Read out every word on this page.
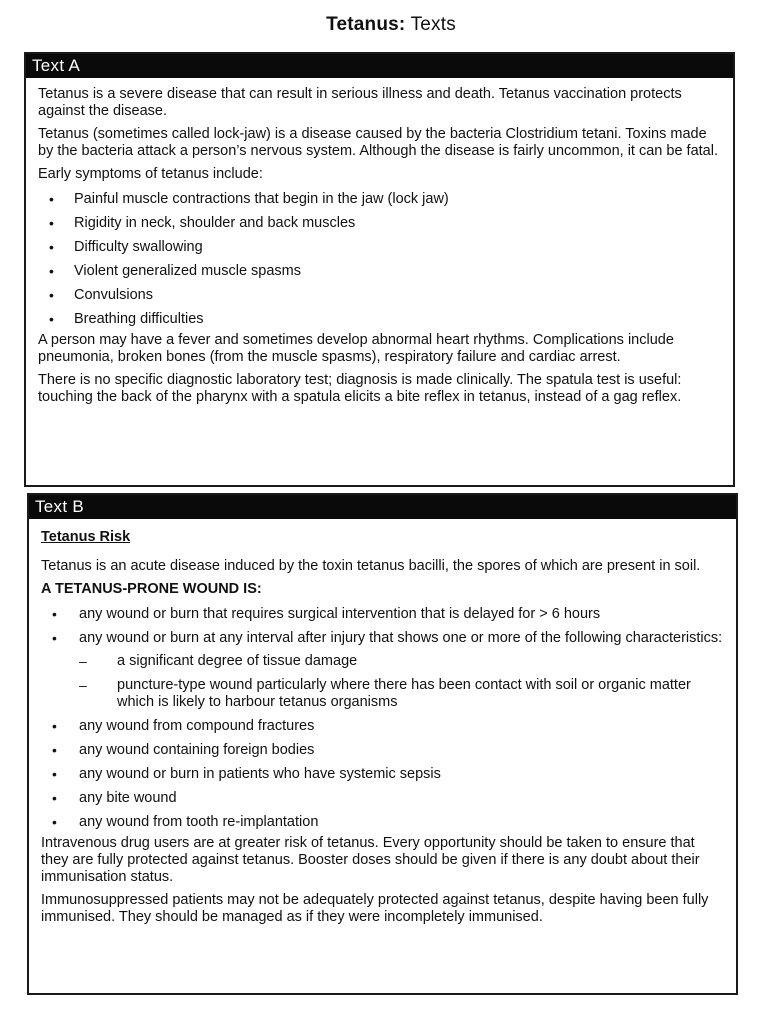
Tetanus: Texts
Text A

Tetanus is a severe disease that can result in serious illness and death. Tetanus vaccination protects against the disease.

Tetanus (sometimes called lock-jaw) is a disease caused by the bacteria Clostridium tetani. Toxins made by the bacteria attack a person’s nervous system. Although the disease is fairly uncommon, it can be fatal.

Early symptoms of tetanus include:

• Painful muscle contractions that begin in the jaw (lock jaw)
• Rigidity in neck, shoulder and back muscles
• Difficulty swallowing
• Violent generalized muscle spasms
• Convulsions
• Breathing difficulties

A person may have a fever and sometimes develop abnormal heart rhythms. Complications include pneumonia, broken bones (from the muscle spasms), respiratory failure and cardiac arrest.

There is no specific diagnostic laboratory test; diagnosis is made clinically. The spatula test is useful: touching the back of the pharynx with a spatula elicits a bite reflex in tetanus, instead of a gag reflex.

Text B
Tetanus Risk

Tetanus is an acute disease induced by the toxin tetanus bacilli, the spores of which are present in soil.

A TETANUS-PRONE WOUND IS:
• any wound or burn that requires surgical intervention that is delayed for > 6 hours
• any wound or burn at any interval after injury that shows one or more of the following characteristics:
– a significant degree of tissue damage
– puncture-type wound particularly where there has been contact with soil or organic matter which is likely to harbour tetanus organisms
• any wound from compound fractures
• any wound containing foreign bodies
• any wound or burn in patients who have systemic sepsis
• any bite wound
• any wound from tooth re-implantation

Intravenous drug users are at greater risk of tetanus. Every opportunity should be taken to ensure that they are fully protected against tetanus. Booster doses should be given if there is any doubt about their immunisation status.

Immunosuppressed patients may not be adequately protected against tetanus, despite having been fully immunised. They should be managed as if they were incompletely immunised.
